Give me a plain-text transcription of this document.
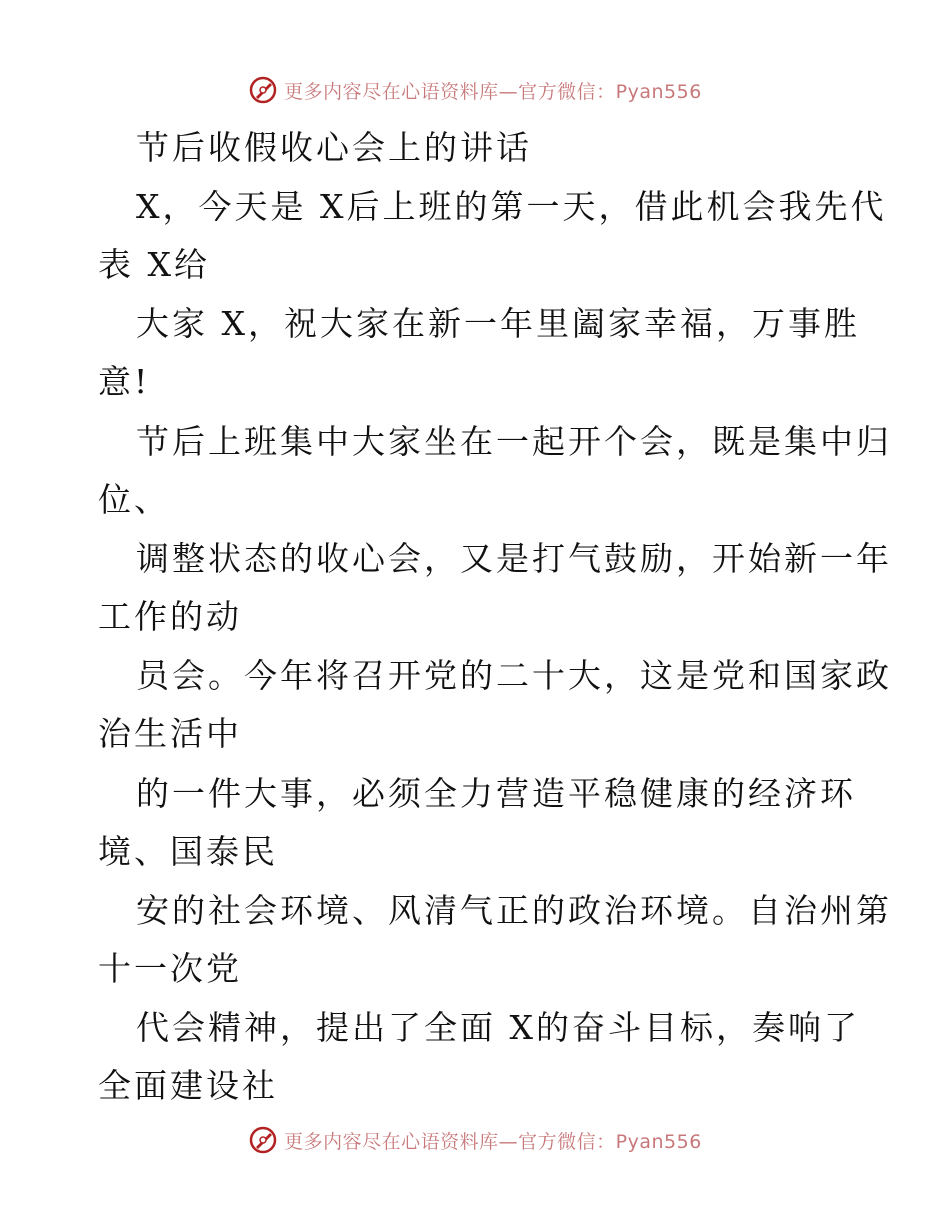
更多内容尽在心语资料库—官方微信：Pyan556
节后收假收心会上的讲话
X，今天是 X后上班的第一天，借此机会我先代
表 X给
大家 X，祝大家在新一年里阖家幸福，万事胜
意!
节后上班集中大家坐在一起开个会，既是集中归
位、
调整状态的收心会，又是打气鼓励，开始新一年
工作的动
员会。今年将召开党的二十大，这是党和国家政
治生活中
的一件大事，必须全力营造平稳健康的经济环
境、国泰民
安的社会环境、风清气正的政治环境。自治州第
十一次党
代会精神，提出了全面 X的奋斗目标，奏响了
全面建设社
更多内容尽在心语资料库—官方微信：Pyan556
